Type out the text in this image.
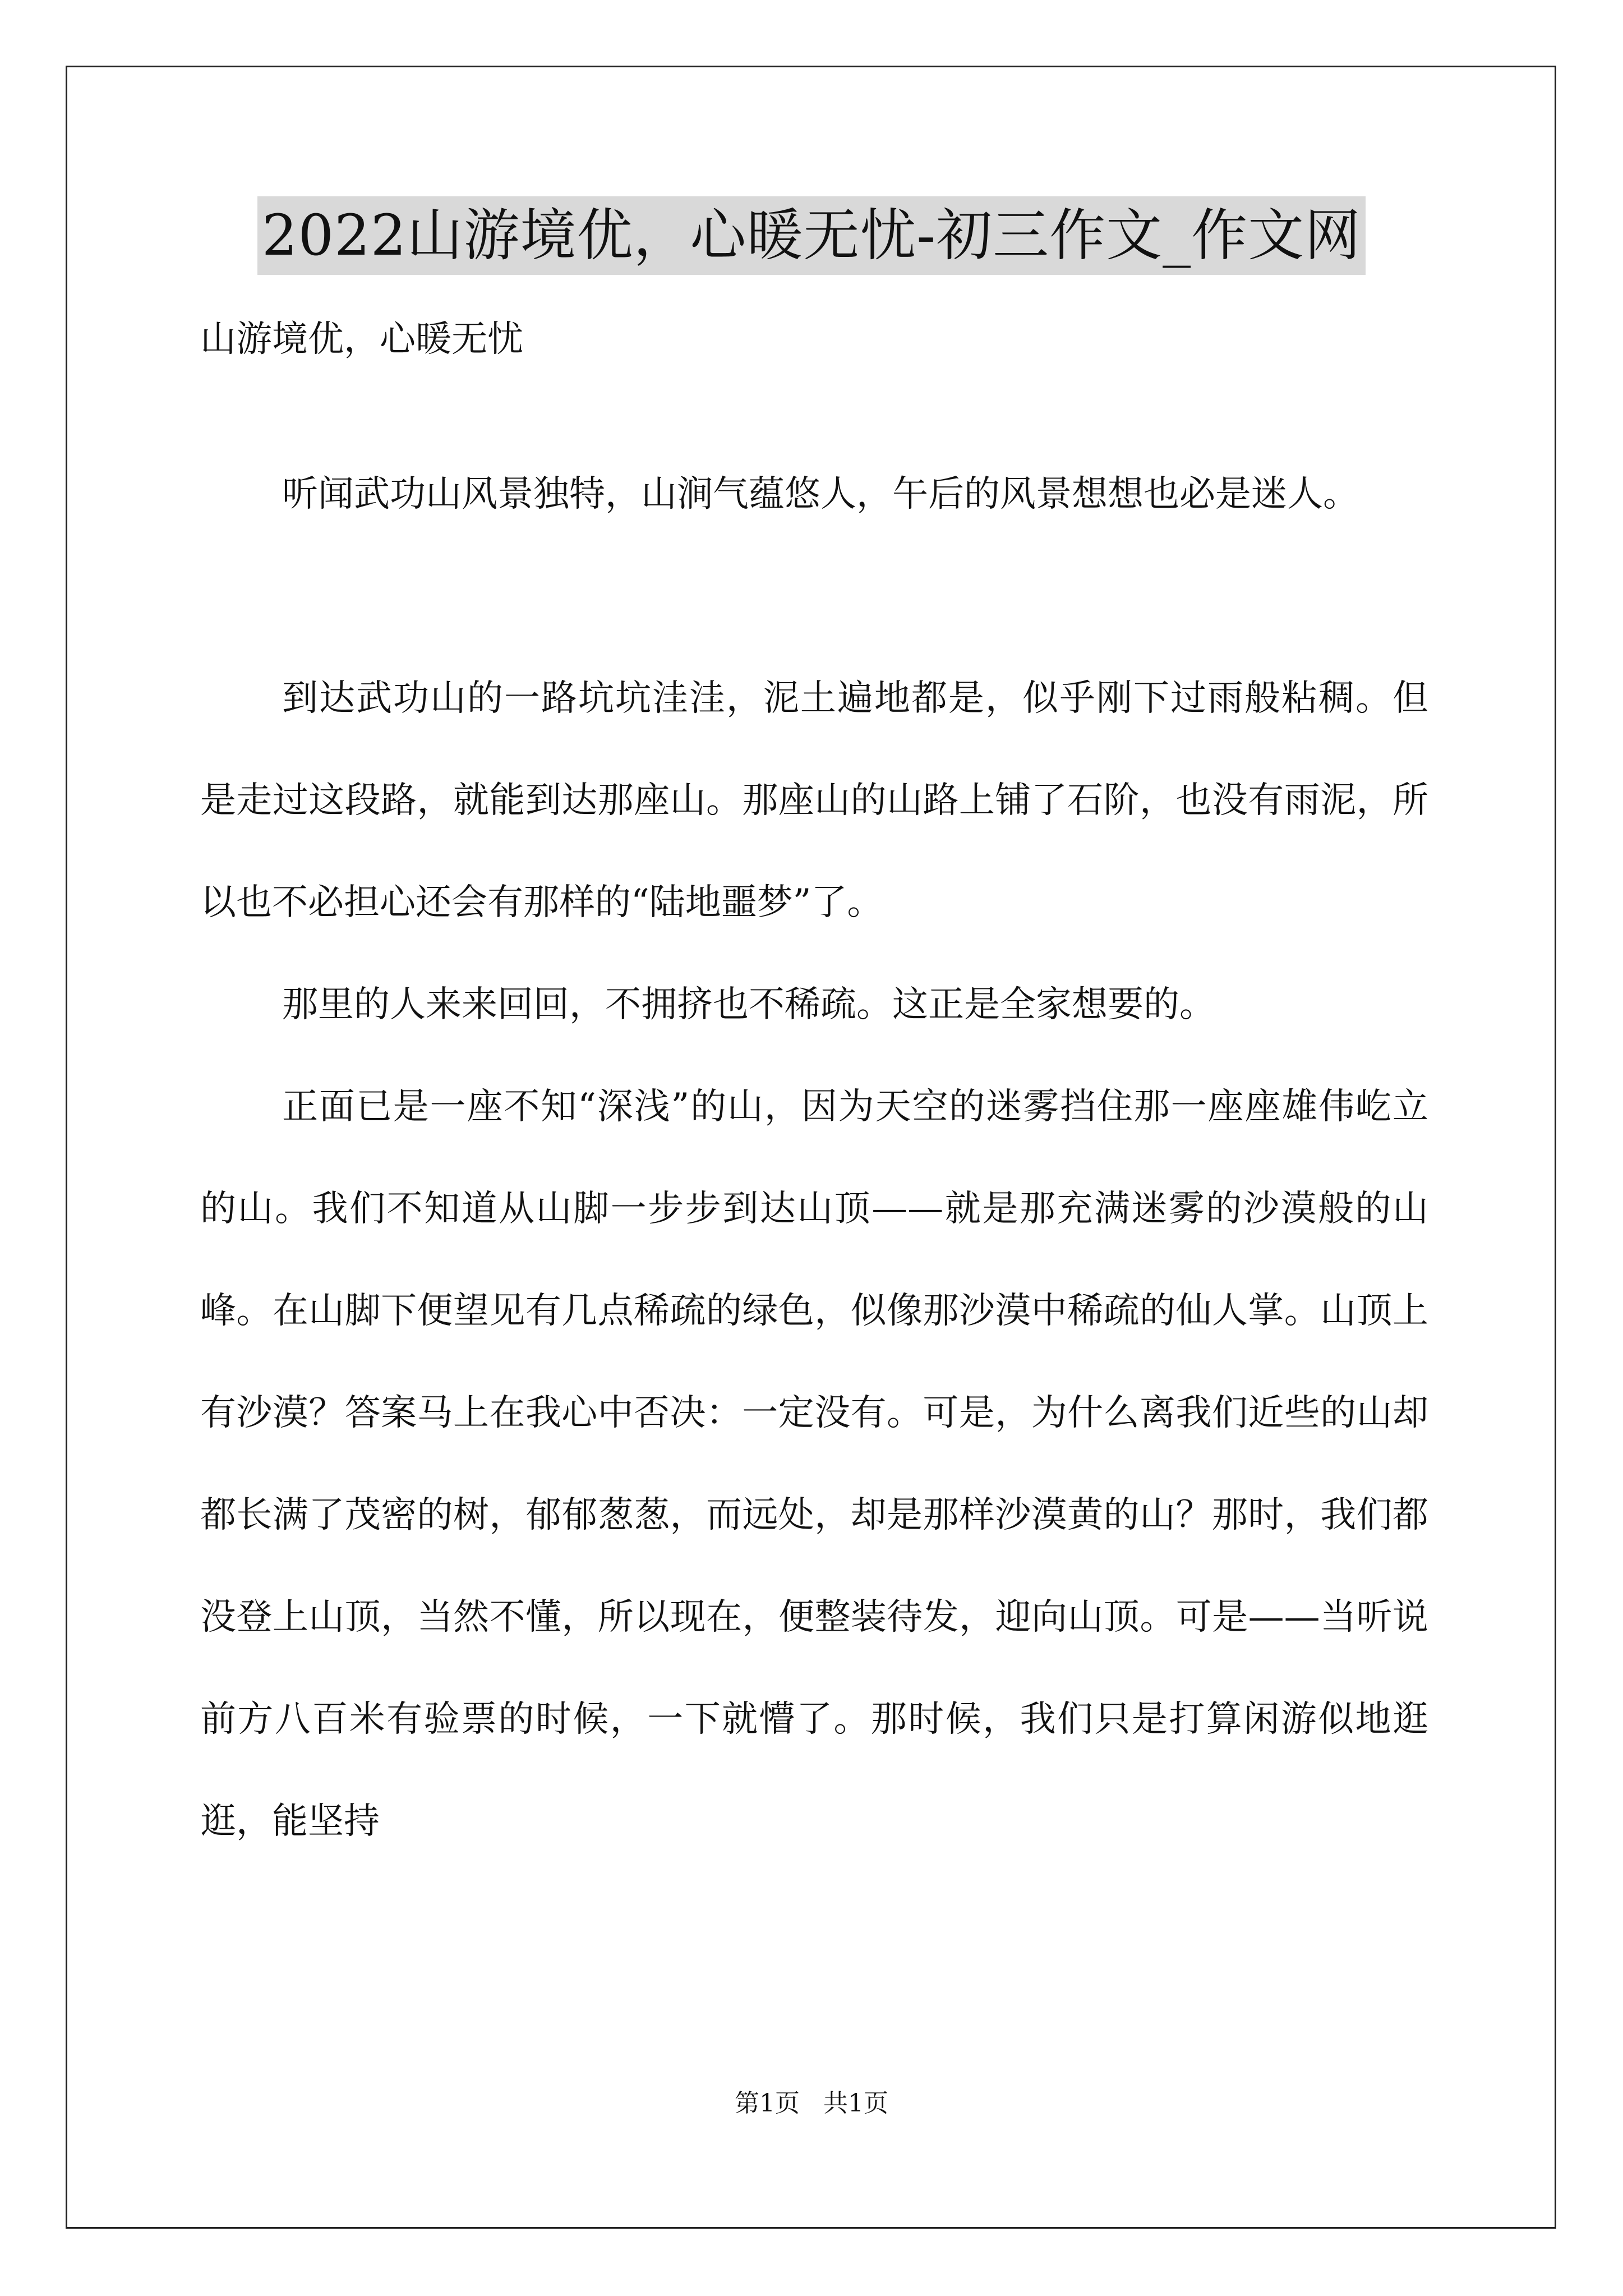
2022山游境优，心暖无忧-初三作文_作文网
山游境优，心暖无忧

听闻武功山风景独特，山涧气蕴悠人，午后的风景想想也必是迷人。

到达武功山的一路坑坑洼洼，泥土遍地都是，似乎刚下过雨般粘稠。但是走过这段路，就能到达那座山。那座山的山路上铺了石阶，也没有雨泥，所以也不必担心还会有那样的“陆地噩梦”了。

那里的人来来回回，不拥挤也不稀疏。这正是全家想要的。

正面已是一座不知“深浅”的山，因为天空的迷雾挡住那一座座雄伟屹立的山。我们不知道从山脚一步步到达山顶——就是那充满迷雾的沙漠般的山峰。在山脚下便望见有几点稀疏的绿色，似像那沙漠中稀疏的仙人掌。山顶上有沙漠？答案马上在我心中否决：一定没有。可是，为什么离我们近些的山却都长满了茂密的树，郁郁葱葱，而远处，却是那样沙漠黄的山？那时，我们都没登上山顶，当然不懂，所以现在，便整装待发，迎向山顶。可是——当听说前方八百米有验票的时候，一下就懵了。那时候，我们只是打算闲游似地逛逛，能坚持

第1页   共1页
